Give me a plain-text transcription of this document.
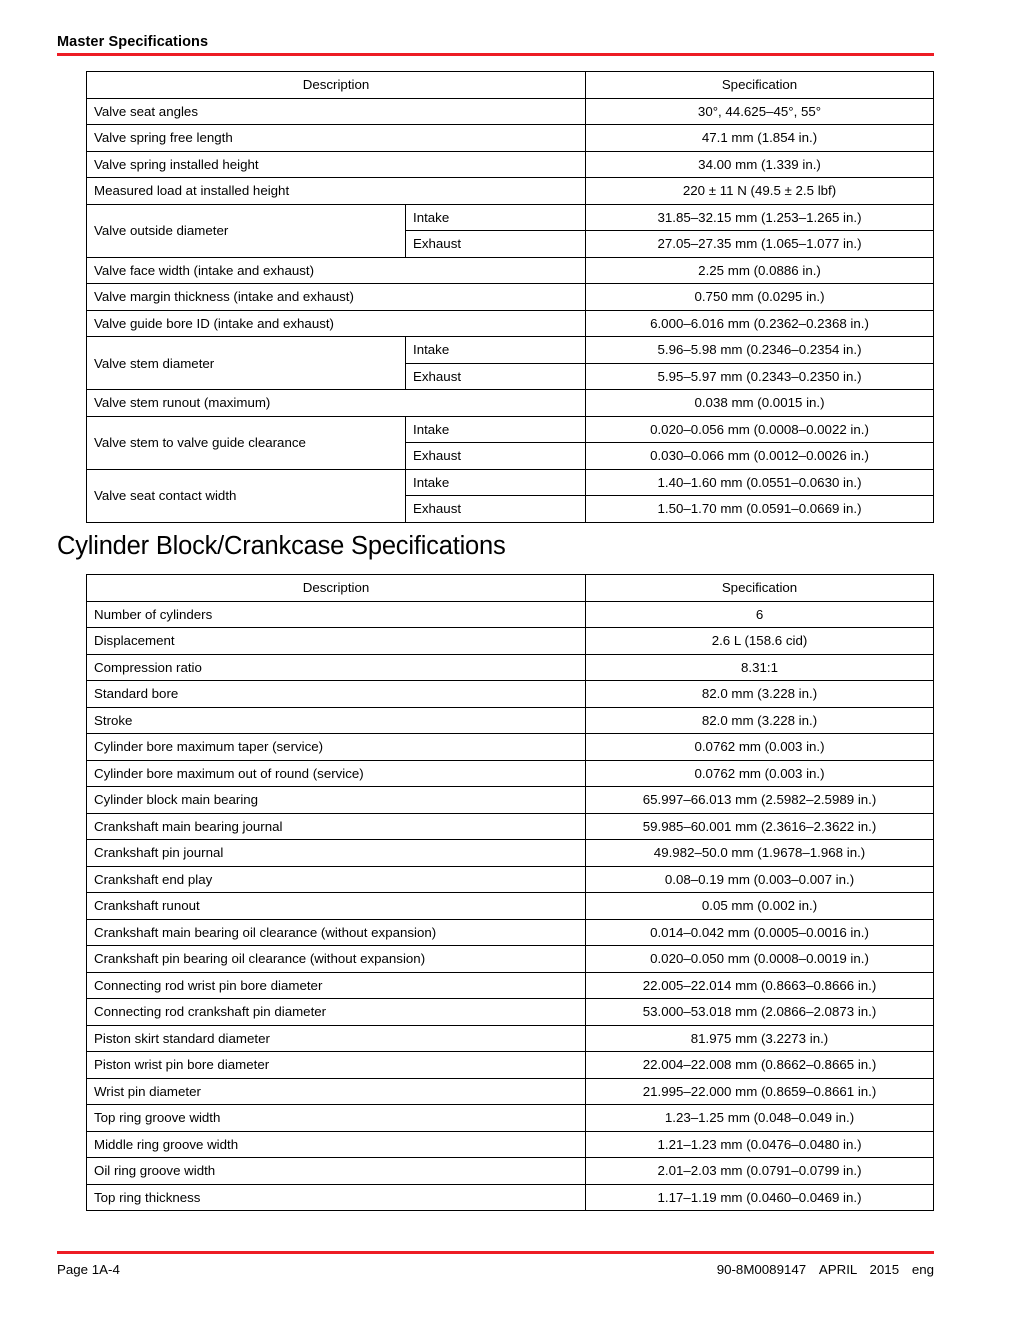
Master Specifications
Description		Specification
Valve seat angles		30°, 44.625–45°, 55°
Valve spring free length		47.1 mm (1.854 in.)
Valve spring installed height		34.00 mm (1.339 in.)
Measured load at installed height		220 ± 11 N (49.5 ± 2.5 lbf)
Valve outside diameter	Intake	31.85–32.15 mm (1.253–1.265 in.)
	Exhaust	27.05–27.35 mm (1.065–1.077 in.)
Valve face width (intake and exhaust)		2.25 mm (0.0886 in.)
Valve margin thickness (intake and exhaust)		0.750 mm (0.0295 in.)
Valve guide bore ID (intake and exhaust)		6.000–6.016 mm (0.2362–0.2368 in.)
Valve stem diameter	Intake	5.96–5.98 mm (0.2346–0.2354 in.)
	Exhaust	5.95–5.97 mm (0.2343–0.2350 in.)
Valve stem runout (maximum)		0.038 mm (0.0015 in.)
Valve stem to valve guide clearance	Intake	0.020–0.056 mm (0.0008–0.0022 in.)
	Exhaust	0.030–0.066 mm (0.0012–0.0026 in.)
Valve seat contact width	Intake	1.40–1.60 mm (0.0551–0.0630 in.)
	Exhaust	1.50–1.70 mm (0.0591–0.0669 in.)
Cylinder Block/Crankcase Specifications
Description	Specification
Number of cylinders	6
Displacement	2.6 L (158.6 cid)
Compression ratio	8.31:1
Standard bore	82.0 mm (3.228 in.)
Stroke	82.0 mm (3.228 in.)
Cylinder bore maximum taper (service)	0.0762 mm (0.003 in.)
Cylinder bore maximum out of round (service)	0.0762 mm (0.003 in.)
Cylinder block main bearing	65.997–66.013 mm (2.5982–2.5989 in.)
Crankshaft main bearing journal	59.985–60.001 mm (2.3616–2.3622 in.)
Crankshaft pin journal	49.982–50.0 mm (1.9678–1.968 in.)
Crankshaft end play	0.08–0.19 mm (0.003–0.007 in.)
Crankshaft runout	0.05 mm (0.002 in.)
Crankshaft main bearing oil clearance (without expansion)	0.014–0.042 mm (0.0005–0.0016 in.)
Crankshaft pin bearing oil clearance (without expansion)	0.020–0.050 mm (0.0008–0.0019 in.)
Connecting rod wrist pin bore diameter	22.005–22.014 mm (0.8663–0.8666 in.)
Connecting rod crankshaft pin diameter	53.000–53.018 mm (2.0866–2.0873 in.)
Piston skirt standard diameter	81.975 mm (3.2273 in.)
Piston wrist pin bore diameter	22.004–22.008 mm (0.8662–0.8665 in.)
Wrist pin diameter	21.995–22.000 mm (0.8659–0.8661 in.)
Top ring groove width	1.23–1.25 mm (0.048–0.049 in.)
Middle ring groove width	1.21–1.23 mm (0.0476–0.0480 in.)
Oil ring groove width	2.01–2.03 mm (0.0791–0.0799 in.)
Top ring thickness	1.17–1.19 mm (0.0460–0.0469 in.)
Page 1A-4	90-8M0089147 APRIL 2015 eng
